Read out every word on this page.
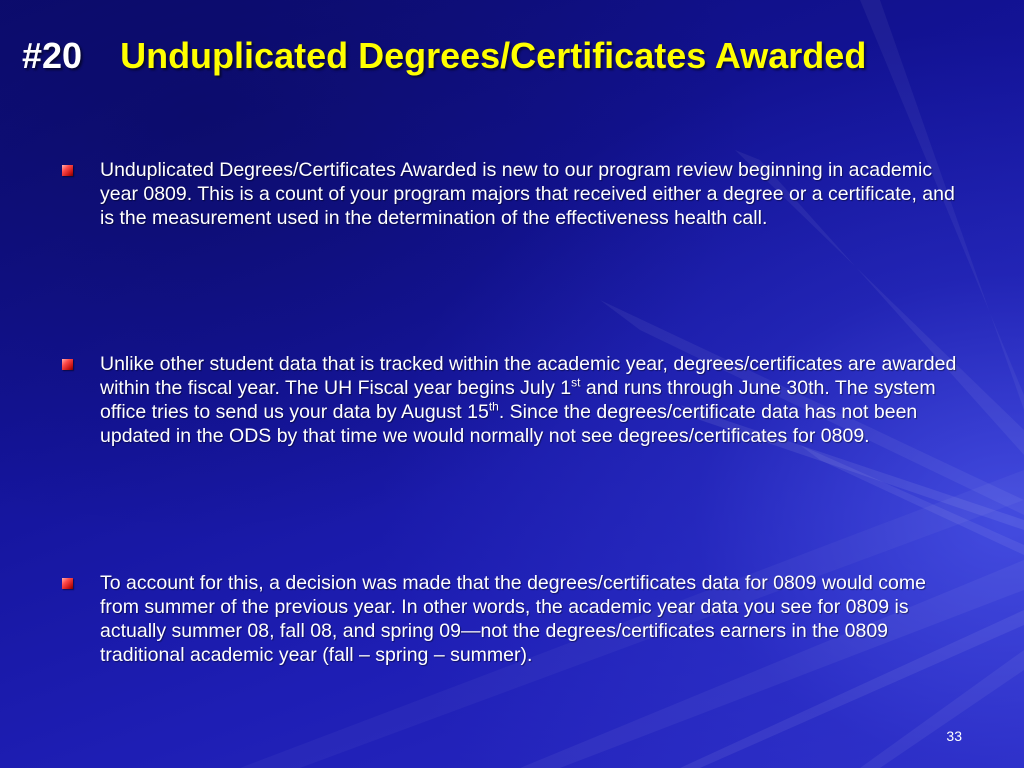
#20 Unduplicated Degrees/Certificates Awarded

Unduplicated Degrees/Certificates Awarded is new to our program review beginning in academic year 0809. This is a count of your program majors that received either a degree or a certificate, and is the measurement used in the determination of the effectiveness health call.

Unlike other student data that is tracked within the academic year, degrees/certificates are awarded within the fiscal year. The UH Fiscal year begins July 1st and runs through June 30th. The system office tries to send us your data by August 15th. Since the degrees/certificate data has not been updated in the ODS by that time we would normally not see degrees/certificates for 0809.

To account for this, a decision was made that the degrees/certificates data for 0809 would come from summer of the previous year. In other words, the academic year data you see for 0809 is actually summer 08, fall 08, and spring 09—not the degrees/certificates earners in the 0809 traditional academic year (fall – spring – summer).

33
